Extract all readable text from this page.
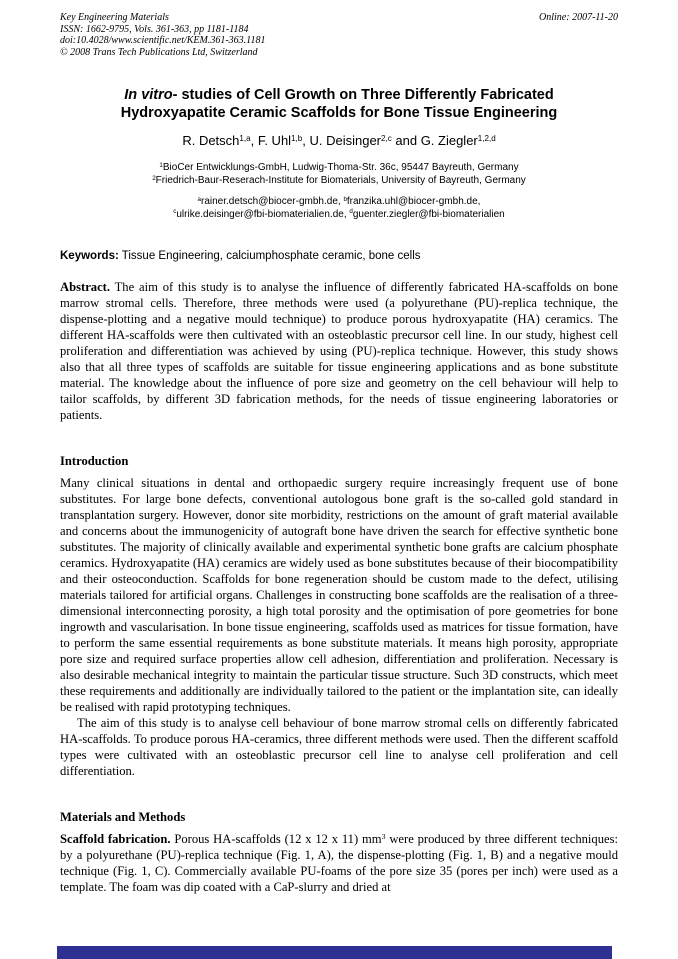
Key Engineering Materials
ISSN: 1662-9795, Vols. 361-363, pp 1181-1184
doi:10.4028/www.scientific.net/KEM.361-363.1181
© 2008 Trans Tech Publications Ltd, Switzerland
Online: 2007-11-20
In vitro- studies of Cell Growth on Three Differently Fabricated
Hydroxyapatite Ceramic Scaffolds for Bone Tissue Engineering
R. Detsch$^{1,a}$, F. Uhl$^{1,b}$, U. Deisinger$^{2,c}$ and G. Ziegler$^{1,2,d}$
$^1$BioCer Entwicklungs-GmbH, Ludwig-Thoma-Str. 36c, 95447 Bayreuth, Germany
$^2$Friedrich-Baur-Reserach-Institute for Biomaterials, University of Bayreuth, Germany
$^a$rainer.detsch@biocer-gmbh.de, $^b$franzika.uhl@biocer-gmbh.de,
$^c$ulrike.deisinger@fbi-biomaterialien.de, $^d$guenter.ziegler@fbi-biomaterialien
Keywords: Tissue Engineering, calciumphosphate ceramic, bone cells

Abstract. The aim of this study is to analyse the influence of differently fabricated HA-scaffolds on bone marrow stromal cells. Therefore, three methods were used (a polyurethane (PU)-replica technique, the dispense-plotting and a negative mould technique) to produce porous hydroxyapatite (HA) ceramics. The different HA-scaffolds were then cultivated with an osteoblastic precursor cell line. In our study, highest cell proliferation and differentiation was achieved by using (PU)-replica technique. However, this study shows also that all three types of scaffolds are suitable for tissue engineering applications and as bone substitute material. The knowledge about the influence of pore size and geometry on the cell behaviour will help to tailor scaffolds, by different 3D fabrication methods, for the needs of tissue engineering laboratories or patients.

Introduction

Many clinical situations in dental and orthopaedic surgery require increasingly frequent use of bone substitutes. For large bone defects, conventional autologous bone graft is the so-called gold standard in transplantation surgery. However, donor site morbidity, restrictions on the amount of graft material available and concerns about the immunogenicity of autograft bone have driven the search for effective synthetic bone substitutes. The majority of clinically available and experimental synthetic bone grafts are calcium phosphate ceramics. Hydroxyapatite (HA) ceramics are widely used as bone substitutes because of their biocompatibility and their osteoconduction. Scaffolds for bone regeneration should be custom made to the defect, utilising materials tailored for artificial organs. Challenges in constructing bone scaffolds are the realisation of a three-dimensional interconnecting porosity, a high total porosity and the optimisation of pore geometries for bone ingrowth and vascularisation. In bone tissue engineering, scaffolds used as matrices for tissue formation, have to perform the same essential requirements as bone substitute materials. It means high porosity, appropriate pore size and required surface properties allow cell adhesion, differentiation and proliferation. Necessary is also desirable mechanical integrity to maintain the particular tissue structure. Such 3D constructs, which meet these requirements and additionally are individually tailored to the patient or the implantation site, can ideally be realised with rapid prototyping techniques.

The aim of this study is to analyse cell behaviour of bone marrow stromal cells on differently fabricated HA-scaffolds. To produce porous HA-ceramics, three different methods were used. Then the different scaffold types were cultivated with an osteoblastic precursor cell line to analyse cell proliferation and cell differentiation.

Materials and Methods

Scaffold fabrication. Porous HA-scaffolds (12 x 12 x 11) $mm^3$ were produced by three different techniques: by a polyurethane (PU)-replica technique (Fig. 1, A), the dispense-plotting (Fig. 1, B) and a negative mould technique (Fig. 1, C). Commercially available PU-foams of the pore size 35 (pores per inch) were used as a template. The foam was dip coated with a CaP-slurry and dried at
